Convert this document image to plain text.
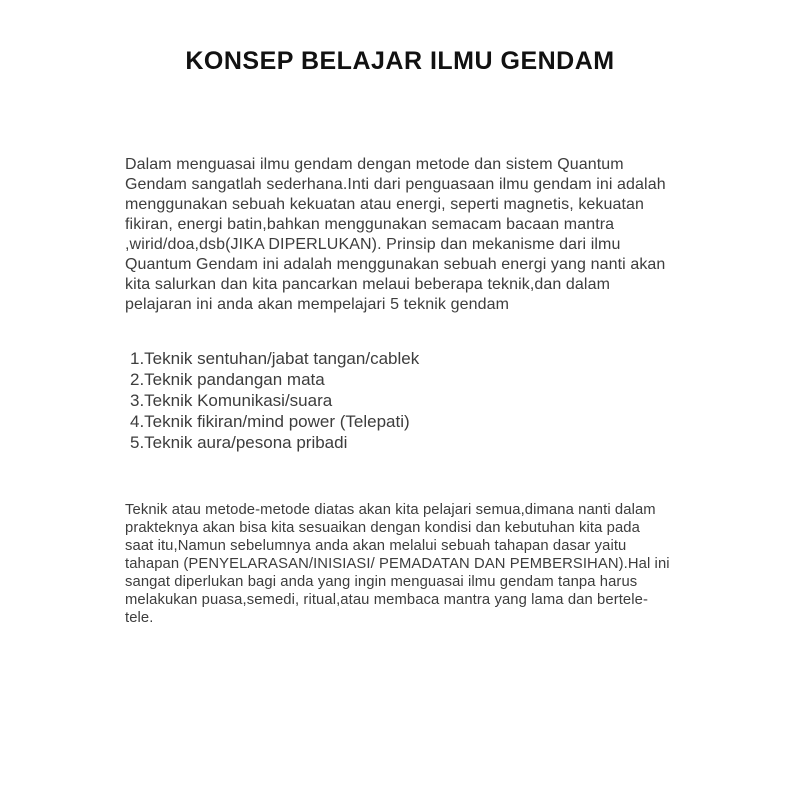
KONSEP BELAJAR ILMU GENDAM

Dalam menguasai ilmu gendam dengan metode dan sistem Quantum Gendam sangatlah sederhana.Inti dari penguasaan ilmu gendam ini adalah menggunakan sebuah kekuatan atau energi, seperti magnetis, kekuatan fikiran, energi batin,bahkan menggunakan semacam bacaan mantra ,wirid/doa,dsb(JIKA DIPERLUKAN). Prinsip dan mekanisme dari ilmu Quantum Gendam ini adalah menggunakan sebuah energi yang nanti akan kita salurkan dan kita pancarkan melaui beberapa teknik,dan dalam pelajaran ini anda akan mempelajari 5 teknik gendam

1.Teknik sentuhan/jabat tangan/cablek
2.Teknik pandangan mata
3.Teknik Komunikasi/suara
4.Teknik fikiran/mind power (Telepati)
5.Teknik aura/pesona pribadi

Teknik atau metode-metode diatas akan kita pelajari semua,dimana nanti dalam prakteknya akan bisa kita sesuaikan dengan kondisi dan kebutuhan kita pada saat itu,Namun sebelumnya anda akan melalui sebuah tahapan dasar yaitu tahapan (PENYELARASAN/INISIASI/ PEMADATAN DAN PEMBERSIHAN).Hal ini sangat diperlukan bagi anda yang ingin menguasai ilmu gendam tanpa harus melakukan puasa,semedi, ritual,atau membaca mantra yang lama dan bertele-tele.
